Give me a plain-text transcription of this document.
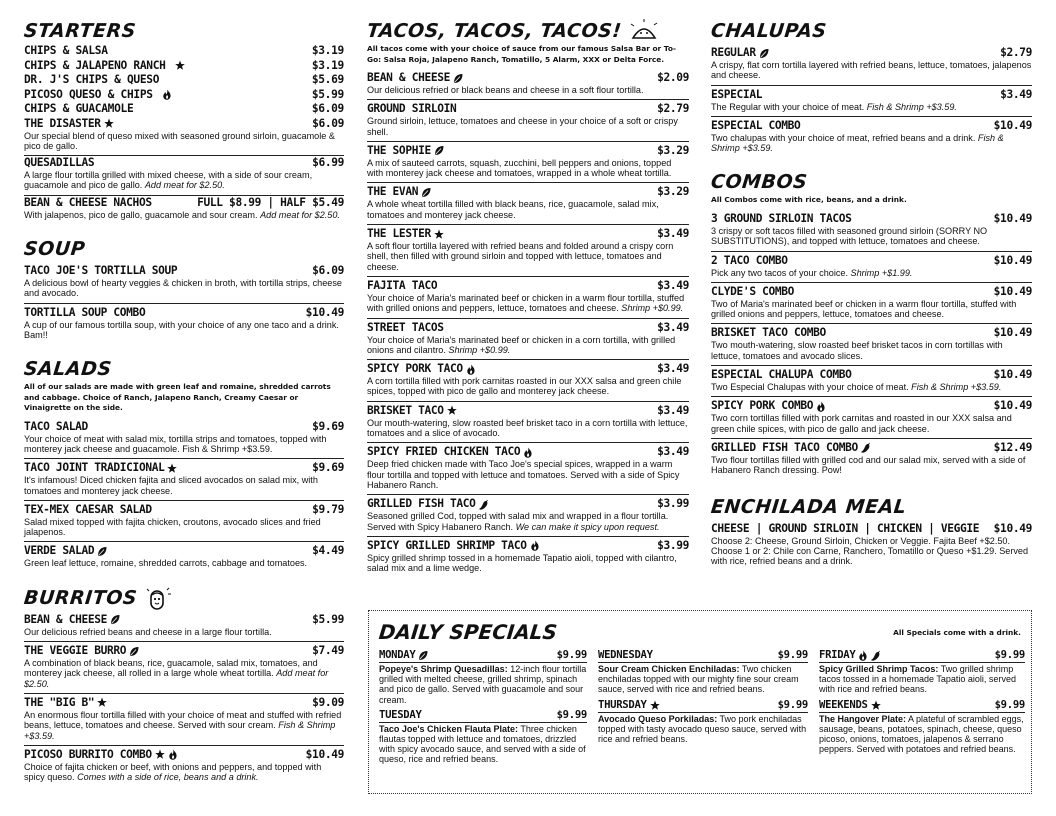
STARTERS
CHIPS & SALSA	$3.19
CHIPS & JALAPENO RANCH	$3.19
DR. J'S CHIPS & QUESO	$5.69
PICOSO QUESO & CHIPS	$5.99
CHIPS & GUACAMOLE	$6.09
THE DISASTER	$6.09
Our special blend of queso mixed with seasoned ground sirloin, guacamole & pico de gallo.
QUESADILLAS	$6.99
A large flour tortilla grilled with mixed cheese, with a side of sour cream, guacamole and pico de gallo. Add meat for $2.50.
BEAN & CHEESE NACHOS	FULL $8.99 | HALF $5.49
With jalapenos, pico de gallo, guacamole and sour cream. Add meat for $2.50.
SOUP
TACO JOE'S TORTILLA SOUP	$6.09
A delicious bowl of hearty veggies & chicken in broth, with tortilla strips, cheese and avocado.
TORTILLA SOUP COMBO	$10.49
A cup of our famous tortilla soup, with your choice of any one taco and a drink. Bam!!
SALADS
All of our salads are made with green leaf and romaine, shredded carrots and cabbage. Choice of Ranch, Jalapeno Ranch, Creamy Caesar or Vinaigrette on the side.
TACO SALAD	$9.69
Your choice of meat with salad mix, tortilla strips and tomatoes, topped with monterey jack cheese and guacamole. Fish & Shrimp +$3.59.
TACO JOINT TRADICIONAL	$9.69
It's infamous! Diced chicken fajita and sliced avocados on salad mix, with tomatoes and monterey jack cheese.
TEX-MEX CAESAR SALAD	$9.79
Salad mixed topped with fajita chicken, croutons, avocado slices and fried jalapenos.
VERDE SALAD	$4.49
Green leaf lettuce, romaine, shredded carrots, cabbage and tomatoes.
BURRITOS
BEAN & CHEESE	$5.99
Our delicious refried beans and cheese in a large flour tortilla.
THE VEGGIE BURRO	$7.49
A combination of black beans, rice, guacamole, salad mix, tomatoes, and monterey jack cheese, all rolled in a large whole wheat tortilla. Add meat for $2.50.
THE "BIG B"	$9.09
An enormous flour tortilla filled with your choice of meat and stuffed with refried beans, lettuce, tomatoes and cheese. Served with sour cream. Fish & Shrimp +$3.59.
PICOSO BURRITO COMBO	$10.49
Choice of fajita chicken or beef, with onions and peppers, and topped with spicy queso. Comes with a side of rice, beans and a drink.
TACOS, TACOS, TACOS!
All tacos come with your choice of sauce from our famous Salsa Bar or To-Go: Salsa Roja, Jalapeno Ranch, Tomatillo, 5 Alarm, XXX or Delta Force.
BEAN & CHEESE	$2.09
Our delicious refried or black beans and cheese in a soft flour tortilla.
GROUND SIRLOIN	$2.79
Ground sirloin, lettuce, tomatoes and cheese in your choice of a soft or crispy shell.
THE SOPHIE	$3.29
A mix of sauteed carrots, squash, zucchini, bell peppers and onions, topped with monterey jack cheese and tomatoes, wrapped in a whole wheat tortilla.
THE EVAN	$3.29
A whole wheat tortilla filled with black beans, rice, guacamole, salad mix, tomatoes and monterey jack cheese.
THE LESTER	$3.49
A soft flour tortilla layered with refried beans and folded around a crispy corn shell, then filled with ground sirloin and topped with lettuce, tomatoes and cheese.
FAJITA TACO	$3.49
Your choice of Maria's marinated beef or chicken in a warm flour tortilla, stuffed with grilled onions and peppers, lettuce, tomatoes and cheese. Shrimp +$0.99.
STREET TACOS	$3.49
Your choice of Maria's marinated beef or chicken in a corn tortilla, with grilled onions and cilantro. Shrimp +$0.99.
SPICY PORK TACO	$3.49
A corn tortilla filled with pork carnitas roasted in our XXX salsa and green chile spices, topped with pico de gallo and monterey jack cheese.
BRISKET TACO	$3.49
Our mouth-watering, slow roasted beef brisket taco in a corn tortilla with lettuce, tomatoes and a slice of avocado.
SPICY FRIED CHICKEN TACO	$3.49
Deep fried chicken made with Taco Joe's special spices, wrapped in a warm flour tortilla and topped with lettuce and tomatoes. Served with a side of Spicy Habanero Ranch.
GRILLED FISH TACO	$3.99
Seasoned grilled Cod, topped with salad mix and wrapped in a flour tortilla. Served with Spicy Habanero Ranch. We can make it spicy upon request.
SPICY GRILLED SHRIMP TACO	$3.99
Spicy grilled shrimp tossed in a homemade Tapatio aioli, topped with cilantro, salad mix and a lime wedge.
CHALUPAS
REGULAR	$2.79
A crispy, flat corn tortilla layered with refried beans, lettuce, tomatoes, jalapenos and cheese.
ESPECIAL	$3.49
The Regular with your choice of meat. Fish & Shrimp +$3.59.
ESPECIAL COMBO	$10.49
Two chalupas with your choice of meat, refried beans and a drink. Fish & Shrimp +$3.59.
COMBOS
All Combos come with rice, beans, and a drink.
3 GROUND SIRLOIN TACOS	$10.49
3 crispy or soft tacos filled with seasoned ground sirloin (SORRY NO SUBSTITUTIONS), and topped with lettuce, tomatoes and cheese.
2 TACO COMBO	$10.49
Pick any two tacos of your choice. Shrimp +$1.99.
CLYDE'S COMBO	$10.49
Two of Maria's marinated beef or chicken in a warm flour tortilla, stuffed with grilled onions and peppers, lettuce, tomatoes and cheese.
BRISKET TACO COMBO	$10.49
Two mouth-watering, slow roasted beef brisket tacos in corn tortillas with lettuce, tomatoes and avocado slices.
ESPECIAL CHALUPA COMBO	$10.49
Two Especial Chalupas with your choice of meat. Fish & Shrimp +$3.59.
SPICY PORK COMBO	$10.49
Two corn tortillas filled with pork carnitas and roasted in our XXX salsa and green chile spices, with pico de gallo and jack cheese.
GRILLED FISH TACO COMBO	$12.49
Two flour tortillas filled with grilled cod and our salad mix, served with a side of Habanero Ranch dressing. Pow!
ENCHILADA MEAL
CHEESE | GROUND SIRLOIN | CHICKEN | VEGGIE $10.49
Choose 2: Cheese, Ground Sirloin, Chicken or Veggie. Fajita Beef +$2.50. Choose 1 or 2: Chile con Carne, Ranchero, Tomatillo or Queso +$1.29. Served with rice, refried beans and a drink.
DAILY SPECIALS	All Specials come with a drink.
MONDAY	$9.99
Popeye's Shrimp Quesadillas: 12-inch flour tortilla grilled with melted cheese, grilled shrimp, spinach and pico de gallo. Served with guacamole and sour cream.
TUESDAY	$9.99
Taco Joe's Chicken Flauta Plate: Three chicken flautas topped with lettuce and tomatoes, drizzled with spicy avocado sauce, and served with a side of queso, rice and refried beans.
WEDNESDAY	$9.99
Sour Cream Chicken Enchiladas: Two chicken enchiladas topped with our mighty fine sour cream sauce, served with rice and refried beans.
THURSDAY	$9.99
Avocado Queso Porkiladas: Two pork enchiladas topped with tasty avocado queso sauce, served with rice and refried beans.
FRIDAY	$9.99
Spicy Grilled Shrimp Tacos: Two grilled shrimp tacos tossed in a homemade Tapatio aioli, served with rice and refried beans.
WEEKENDS	$9.99
The Hangover Plate: A plateful of scrambled eggs, sausage, beans, potatoes, spinach, cheese, queso picoso, onions, tomatoes, jalapenos & serrano peppers. Served with potatoes and refried beans.
